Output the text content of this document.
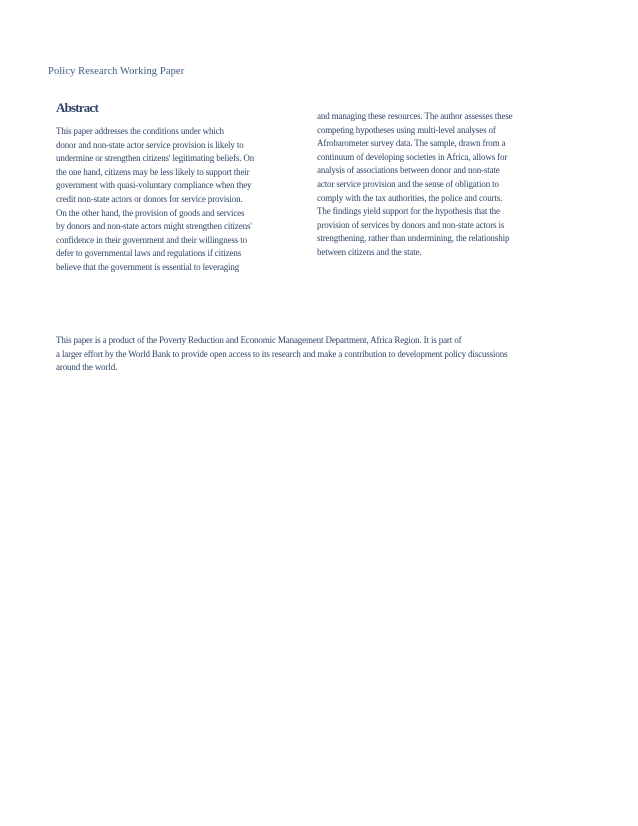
Policy Research Working Paper
Abstract
This paper addresses the conditions under which
donor and non-state actor service provision is likely to
undermine or strengthen citizens' legitimating beliefs. On
the one hand, citizens may be less likely to support their
government with quasi-voluntary compliance when they
credit non-state actors or donors for service provision.
On the other hand, the provision of goods and services
by donors and non-state actors might strengthen citizens'
confidence in their government and their willingness to
defer to governmental laws and regulations if citizens
believe that the government is essential to leveraging
and managing these resources. The author assesses these
competing hypotheses using multi-level analyses of
Afrobarometer survey data. The sample, drawn from a
continuum of developing societies in Africa, allows for
analysis of associations between donor and non-state
actor service provision and the sense of obligation to
comply with the tax authorities, the police and courts.
The findings yield support for the hypothesis that the
provision of services by donors and non-state actors is
strengthening, rather than undermining, the relationship
between citizens and the state.
This paper is a product of the Poverty Reduction and Economic Management Department, Africa Region. It is part of
a larger effort by the World Bank to provide open access to its research and make a contribution to development policy discussions
around the world.
